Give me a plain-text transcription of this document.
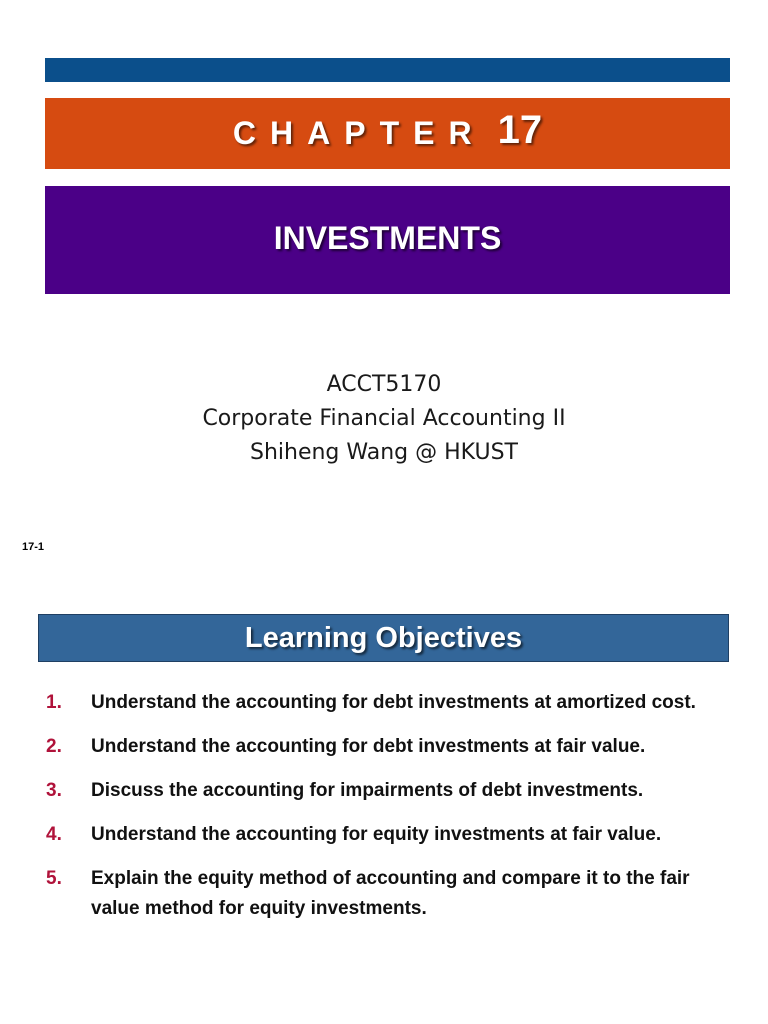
CHAPTER 17
INVESTMENTS
ACCT5170
Corporate Financial Accounting II
Shiheng Wang @ HKUST
17-1
Learning Objectives
1. Understand the accounting for debt investments at amortized cost.
2. Understand the accounting for debt investments at fair value.
3. Discuss the accounting for impairments of debt investments.
4. Understand the accounting for equity investments at fair value.
5. Explain the equity method of accounting and compare it to the fair value method for equity investments.
